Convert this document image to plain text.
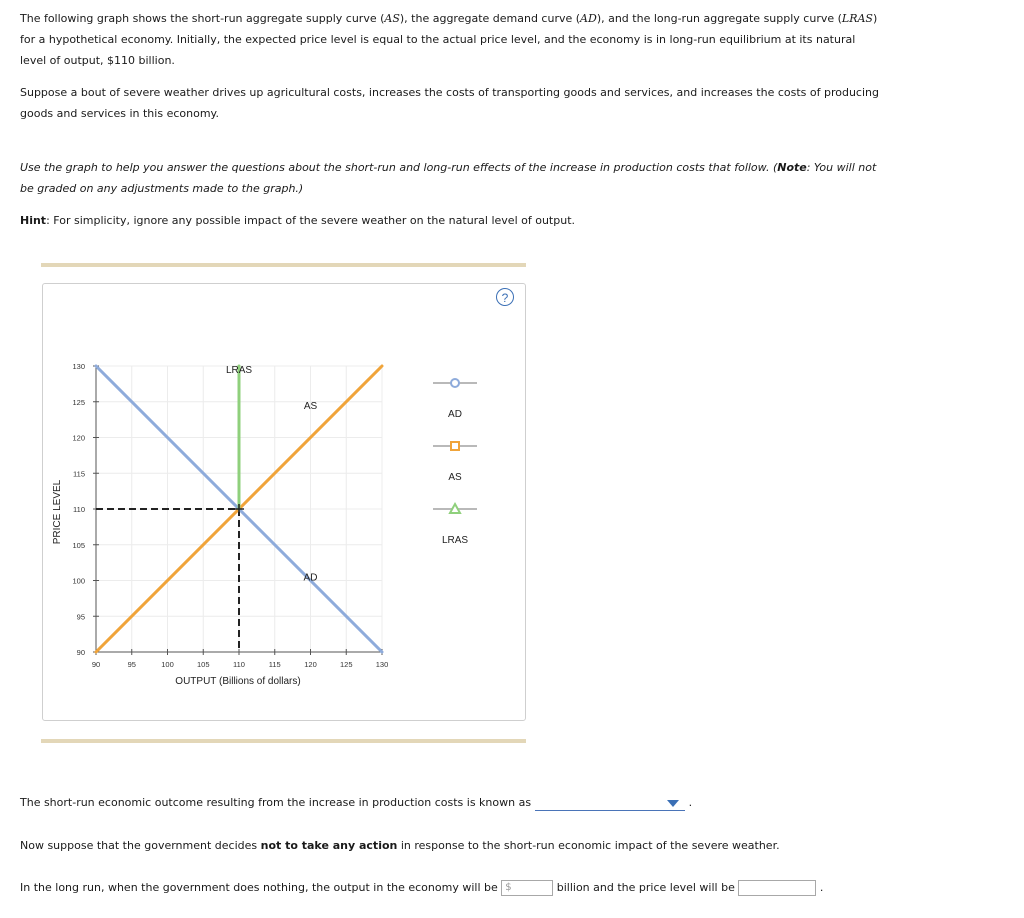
The following graph shows the short-run aggregate supply curve (AS), the aggregate demand curve (AD), and the long-run aggregate supply curve (LRAS) for a hypothetical economy. Initially, the expected price level is equal to the actual price level, and the economy is in long-run equilibrium at its natural level of output, $110 billion.

Suppose a bout of severe weather drives up agricultural costs, increases the costs of transporting goods and services, and increases the costs of producing goods and services in this economy.

Use the graph to help you answer the questions about the short-run and long-run effects of the increase in production costs that follow. (Note: You will not be graded on any adjustments made to the graph.)

Hint: For simplicity, ignore any possible impact of the severe weather on the natural level of output.

?
90	95	100	105	110	115	120	125	130
90
95
100
105
110
115
120
125
130
AD
AS
LRAS
AD
AS
LRAS
OUTPUT (Billions of dollars)
PRICE LEVEL

The short-run economic outcome resulting from the increase in production costs is known as	.

Now suppose that the government decides not to take any action in response to the short-run economic impact of the severe weather.

In the long run, when the government does nothing, the output in the economy will be $	billion and the price level will be	.
